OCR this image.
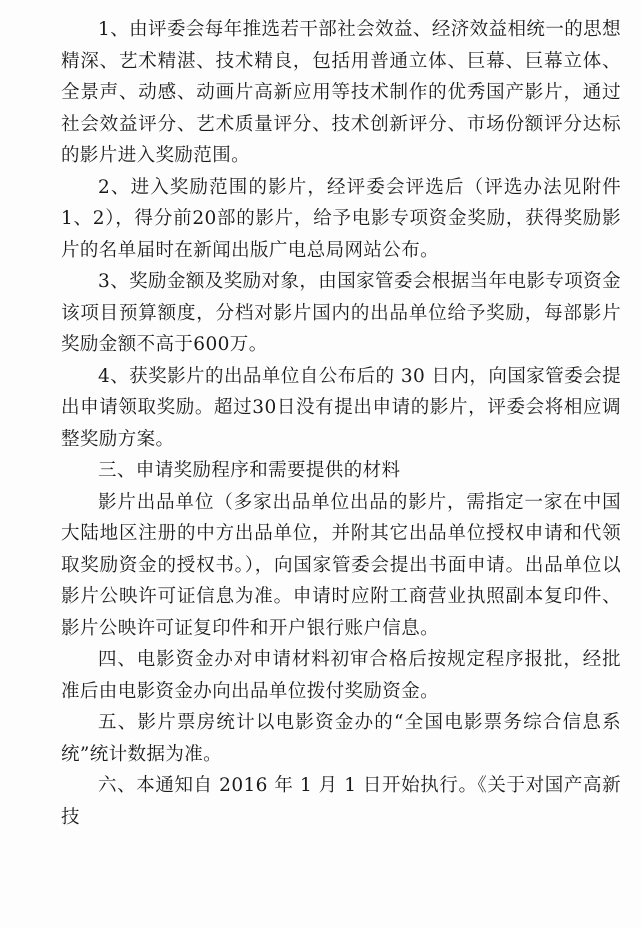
1、由评委会每年推选若干部社会效益、经济效益相统一的思想精深、艺术精湛、技术精良，包括用普通立体、巨幕、巨幕立体、全景声、动感、动画片高新应用等技术制作的优秀国产影片，通过社会效益评分、艺术质量评分、技术创新评分、市场份额评分达标的影片进入奖励范围。

2、进入奖励范围的影片，经评委会评选后（评选办法见附件1、2），得分前20部的影片，给予电影专项资金奖励，获得奖励影片的名单届时在新闻出版广电总局网站公布。

3、奖励金额及奖励对象，由国家管委会根据当年电影专项资金该项目预算额度，分档对影片国内的出品单位给予奖励，每部影片奖励金额不高于600万。

4、获奖影片的出品单位自公布后的 30 日内，向国家管委会提出申请领取奖励。超过30日没有提出申请的影片，评委会将相应调整奖励方案。

三、申请奖励程序和需要提供的材料

影片出品单位（多家出品单位出品的影片，需指定一家在中国大陆地区注册的中方出品单位，并附其它出品单位授权申请和代领取奖励资金的授权书。），向国家管委会提出书面申请。出品单位以影片公映许可证信息为准。申请时应附工商营业执照副本复印件、影片公映许可证复印件和开户银行账户信息。

四、电影资金办对申请材料初审合格后按规定程序报批，经批准后由电影资金办向出品单位拨付奖励资金。

五、影片票房统计以电影资金办的“全国电影票务综合信息系统”统计数据为准。

六、本通知自 2016 年 1 月 1 日开始执行。《关于对国产高新技
